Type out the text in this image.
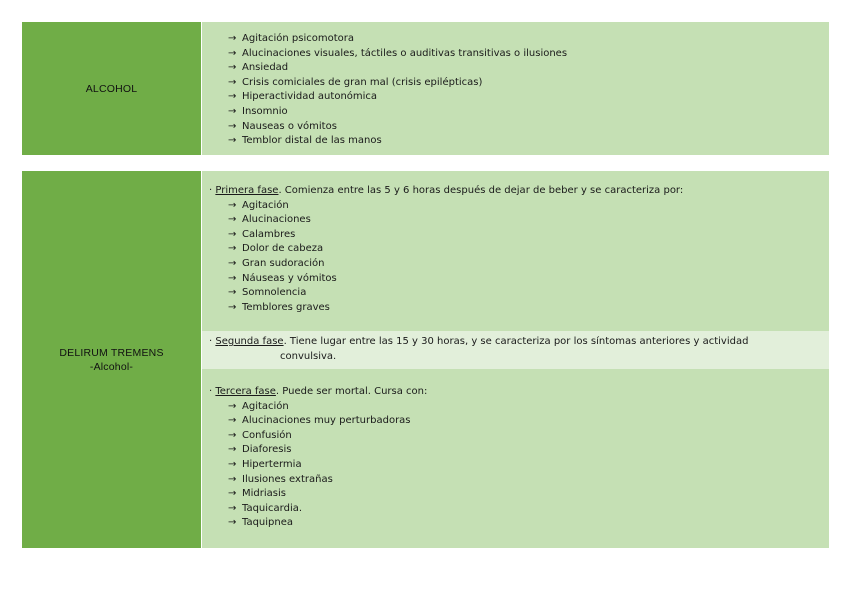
ALCOHOL
→ Agitación psicomotora
→ Alucinaciones visuales, táctiles o auditivas transitivas o ilusiones
→ Ansiedad
→ Crisis comiciales de gran mal (crisis epilépticas)
→ Hiperactividad autonómica
→ Insomnio
→ Nauseas o vómitos
→ Temblor distal de las manos
DELIRUM TREMENS
-Alcohol-
· Primera fase. Comienza entre las 5 y 6 horas después de dejar de beber y se caracteriza por:
→ Agitación
→ Alucinaciones
→ Calambres
→ Dolor de cabeza
→ Gran sudoración
→ Náuseas y vómitos
→ Somnolencia
→ Temblores graves
· Segunda fase. Tiene lugar entre las 15 y 30 horas, y se caracteriza por los síntomas anteriores y actividad
convulsiva.
· Tercera fase. Puede ser mortal. Cursa con:
→ Agitación
→ Alucinaciones muy perturbadoras
→ Confusión
→ Diaforesis
→ Hipertermia
→ Ilusiones extrañas
→ Midriasis
→ Taquicardia.
→ Taquipnea
